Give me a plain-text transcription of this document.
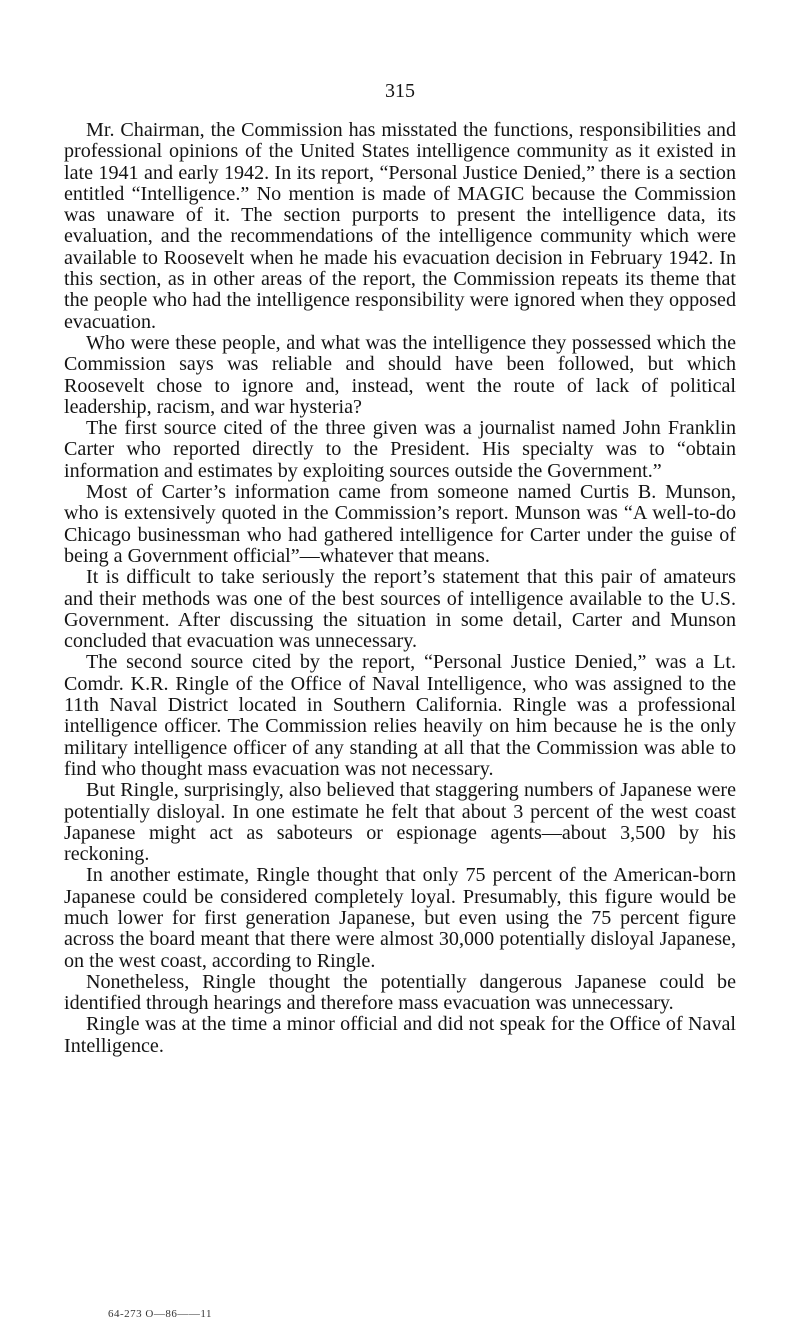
315

Mr. Chairman, the Commission has misstated the functions, responsibilities and professional opinions of the United States intelligence community as it existed in late 1941 and early 1942. In its report, “Personal Justice Denied,” there is a section entitled “Intelligence.” No mention is made of MAGIC because the Commission was unaware of it. The section purports to present the intelligence data, its evaluation, and the recommendations of the intelligence community which were available to Roosevelt when he made his evacuation decision in February 1942. In this section, as in other areas of the report, the Commission repeats its theme that the people who had the intelligence responsibility were ignored when they opposed evacuation.

Who were these people, and what was the intelligence they possessed which the Commission says was reliable and should have been followed, but which Roosevelt chose to ignore and, instead, went the route of lack of political leadership, racism, and war hysteria?

The first source cited of the three given was a journalist named John Franklin Carter who reported directly to the President. His specialty was to “obtain information and estimates by exploiting sources outside the Government.”

Most of Carter’s information came from someone named Curtis B. Munson, who is extensively quoted in the Commission’s report. Munson was “A well-to-do Chicago businessman who had gathered intelligence for Carter under the guise of being a Government official”—whatever that means.

It is difficult to take seriously the report’s statement that this pair of amateurs and their methods was one of the best sources of intelligence available to the U.S. Government. After discussing the situation in some detail, Carter and Munson concluded that evacuation was unnecessary.

The second source cited by the report, “Personal Justice Denied,” was a Lt. Comdr. K.R. Ringle of the Office of Naval Intelligence, who was assigned to the 11th Naval District located in Southern California. Ringle was a professional intelligence officer. The Commission relies heavily on him because he is the only military intelligence officer of any standing at all that the Commission was able to find who thought mass evacuation was not necessary.

But Ringle, surprisingly, also believed that staggering numbers of Japanese were potentially disloyal. In one estimate he felt that about 3 percent of the west coast Japanese might act as saboteurs or espionage agents—about 3,500 by his reckoning.

In another estimate, Ringle thought that only 75 percent of the American-born Japanese could be considered completely loyal. Presumably, this figure would be much lower for first generation Japanese, but even using the 75 percent figure across the board meant that there were almost 30,000 potentially disloyal Japanese, on the west coast, according to Ringle.

Nonetheless, Ringle thought the potentially dangerous Japanese could be identified through hearings and therefore mass evacuation was unnecessary.

Ringle was at the time a minor official and did not speak for the Office of Naval Intelligence.

64-273 O—86——11
